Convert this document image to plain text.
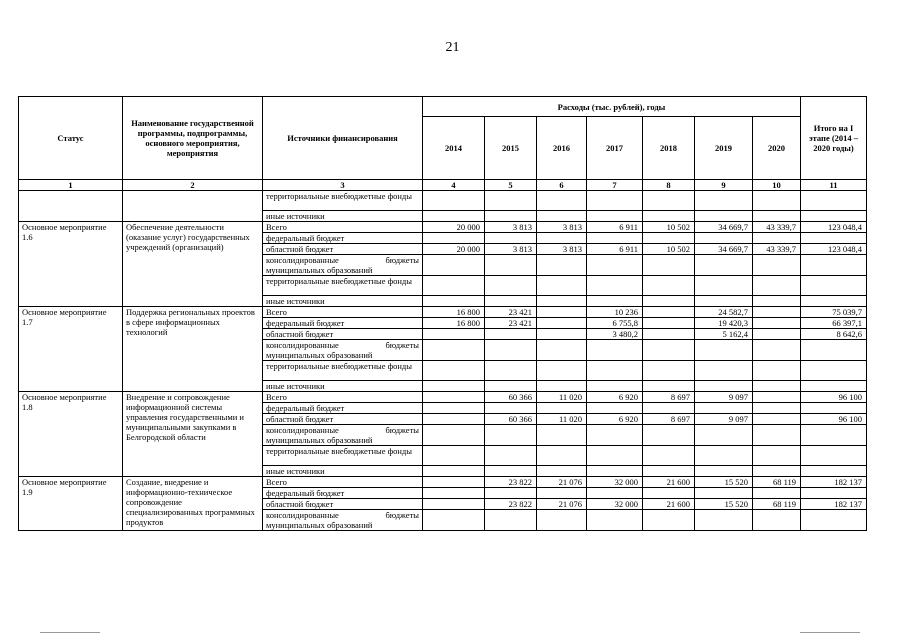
21
Статус	Наименование государственной программы, подпрограммы, основного мероприятия, мероприятия	Источники финансирования	Расходы (тыс. рублей), годы							Итого на I этапе (2014 – 2020 годы)
			2014	2015	2016	2017	2018	2019	2020	
1	2	3	4	5	6	7	8	9	10	11
		территориальные внебюджетные фонды								
		иные источники								
Основное мероприятие 1.6	Обеспечение деятельности (оказание услуг) государственных учреждений (организаций)	Всего	20 000	3 813	3 813	6 911	10 502	34 669,7	43 339,7	123 048,4
		федеральный бюджет								
		областной бюджет	20 000	3 813	3 813	6 911	10 502	34 669,7	43 339,7	123 048,4
		консолидированные бюджеты муниципальных образований								
		территориальные внебюджетные фонды								
		иные источники								
Основное мероприятие 1.7	Поддержка региональных проектов в сфере информационных технологий	Всего	16 800	23 421		10 236		24 582,7		75 039,7
		федеральный бюджет	16 800	23 421		6 755,8		19 420,3		66 397,1
		областной бюджет				3 480,2		5 162,4		8 642,6
		консолидированные бюджеты муниципальных образований								
		территориальные внебюджетные фонды								
		иные источники								
Основное мероприятие 1.8	Внедрение и сопровождение информационной системы управления государственными и муниципальными закупками в Белгородской области	Всего		60 366	11 020	6 920	8 697	9 097		96 100
		федеральный бюджет								
		областной бюджет		60 366	11 020	6 920	8 697	9 097		96 100
		консолидированные бюджеты муниципальных образований								
		территориальные внебюджетные фонды								
		иные источники								
Основное мероприятие 1.9	Создание, внедрение и информационно-техническое сопровождение специализированных программных продуктов	Всего		23 822	21 076	32 000	21 600	15 520	68 119	182 137
		федеральный бюджет								
		областной бюджет		23 822	21 076	32 000	21 600	15 520	68 119	182 137
		консолидированные бюджеты муниципальных образований								
